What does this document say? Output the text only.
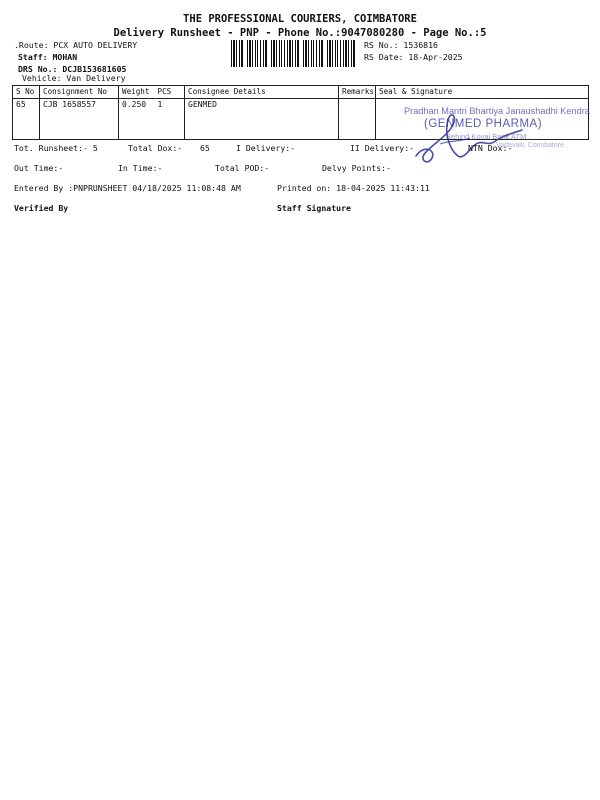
THE PROFESSIONAL COURIERS, COIMBATORE
Delivery Runsheet - PNP - Phone No.:9047080280 - Page No.:5
.Route: PCX AUTO DELIVERY
Staff: MOHAN
DRS No.: DCJB153681605
Vehicle: Van Delivery
RS No.: 1536816
RS Date: 18-Apr-2025
S No	Consignment No	Weight	PCS	Consignee Details	Remarks	Seal & Signature
65	CJB 1658557	0.250	1	GENMED		
Pradhan Mantri Bhartiya Janaushadhi Kendra
(GENMED PHARMA)
Behind Kovai Bank ATM
Vadavalli, Coimbatore
Tot. Runsheet:- 5	Total Dox:- 65	I Delivery:-	II Delivery:-	NTN Dox:-
Out Time:-	In Time:-	Total POD:-	Delvy Points:-
Entered By :PNPRUNSHEET 04/18/2025 11:08:48 AM	Printed on: 18-04-2025 11:43:11
Verified By	Staff Signature
